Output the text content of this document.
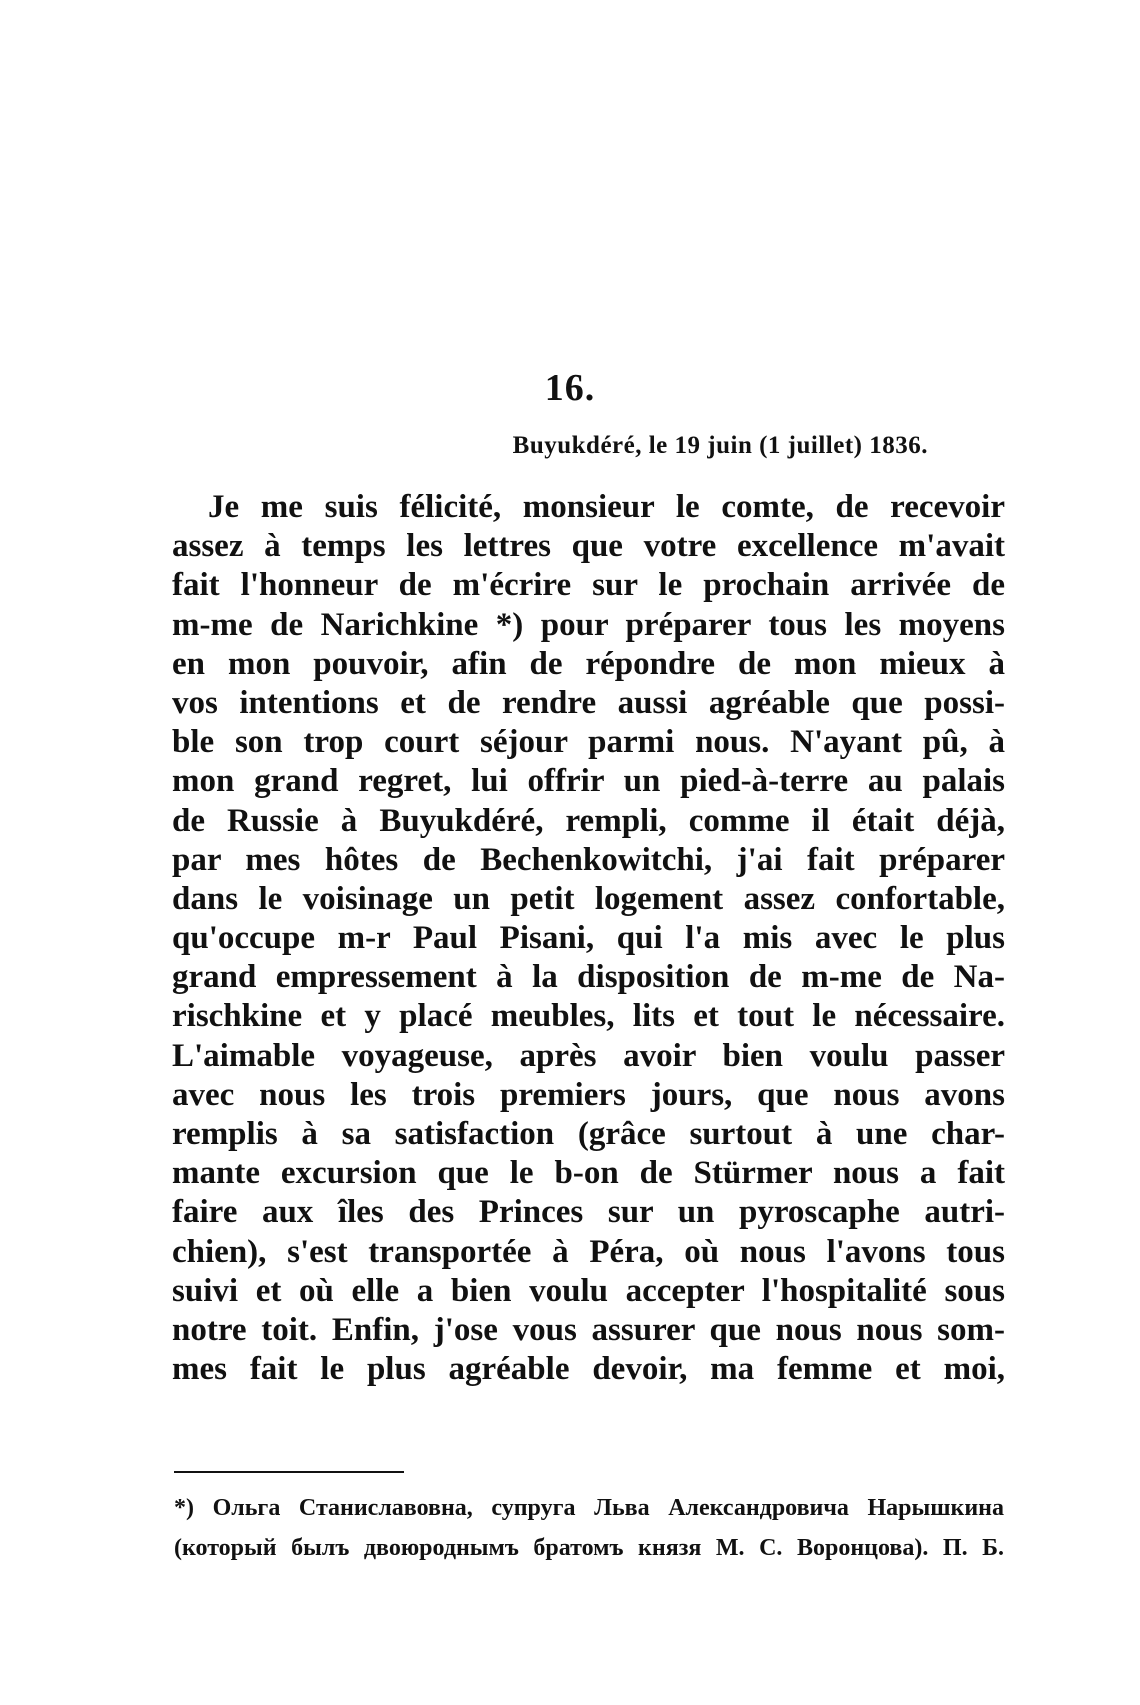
16.
Buyukdéré, le 19 juin (1 juillet) 1836.
Je me suis félicité, monsieur le comte, de recevoir
assez à temps les lettres que votre excellence m'avait
fait l'honneur de m'écrire sur le prochain arrivée de
m-me de Narichkine *) pour préparer tous les moyens
en mon pouvoir, afin de répondre de mon mieux à
vos intentions et de rendre aussi agréable que possi-
ble son trop court séjour parmi nous. N'ayant pû, à
mon grand regret, lui offrir un pied-à-terre au palais
de Russie à Buyukdéré, rempli, comme il était déjà,
par mes hôtes de Bechenkowitchi, j'ai fait préparer
dans le voisinage un petit logement assez confortable,
qu'occupe m-r Paul Pisani, qui l'a mis avec le plus
grand empressement à la disposition de m-me de Na-
rischkine et y placé meubles, lits et tout le nécessaire.
L'aimable voyageuse, après avoir bien voulu passer
avec nous les trois premiers jours, que nous avons
remplis à sa satisfaction (grâce surtout à une char-
mante excursion que le b-on de Stürmer nous a fait
faire aux îles des Princes sur un pyroscaphe autri-
chien), s'est transportée à Péra, où nous l'avons tous
suivi et où elle a bien voulu accepter l'hospitalité sous
notre toit. Enfin, j'ose vous assurer que nous nous som-
mes fait le plus agréable devoir, ma femme et moi,
*) Ольга Станиславовна, супруга Льва Александровича Нарышкина
(который былъ двоюроднымъ братомъ князя М. С. Воронцова). П. Б.
